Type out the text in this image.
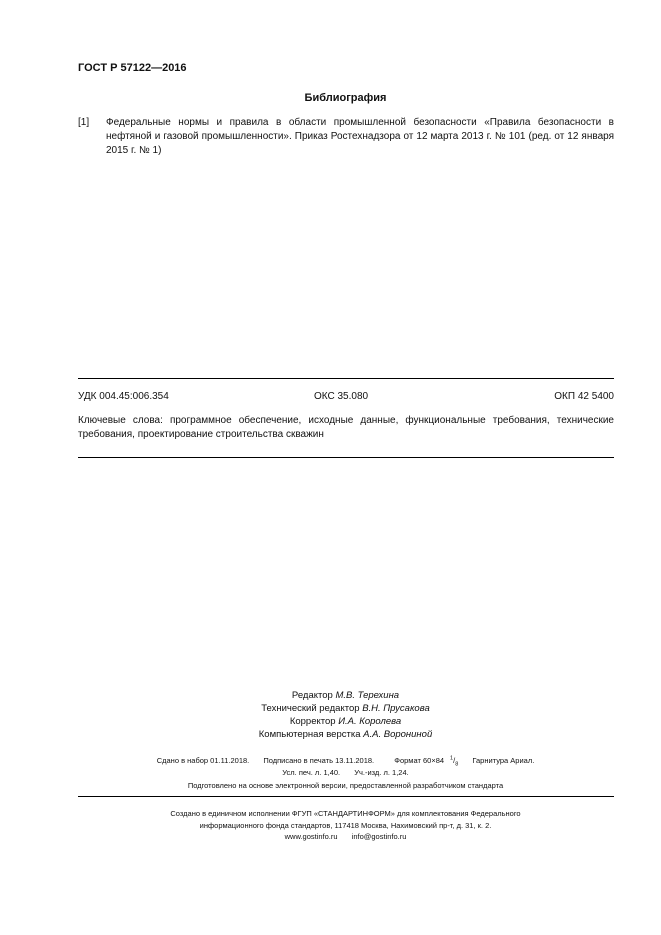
ГОСТ Р 57122—2016
Библиография
[1] Федеральные нормы и правила в области промышленной безопасности «Правила безопасности в нефтяной и газовой промышленности». Приказ Ростехнадзора от 12 марта 2013 г. № 101 (ред. от 12 января 2015 г. № 1)
УДК 004.45:006.354	ОКС 35.080	ОКП 42 5400
Ключевые слова: программное обеспечение, исходные данные, функциональные требования, технические требования, проектирование строительства скважин
Редактор М.В. Терехина
Технический редактор В.Н. Прусакова
Корректор И.А. Королева
Компьютерная верстка А.А. Ворониной
Сдано в набор 01.11.2018. Подписано в печать 13.11.2018.	Формат 60×84 $^1/_8$ Гарнитура Ариал.
Усл. печ. л. 1,40. Уч.-изд. л. 1,24.
Подготовлено на основе электронной версии, предоставленной разработчиком стандарта
Создано в единичном исполнении ФГУП «СТАНДАРТИНФОРМ» для комплектования Федерального
информационного фонда стандартов, 117418 Москва, Нахимовский пр-т, д. 31, к. 2.
www.gostinfo.ru info@gostinfo.ru
